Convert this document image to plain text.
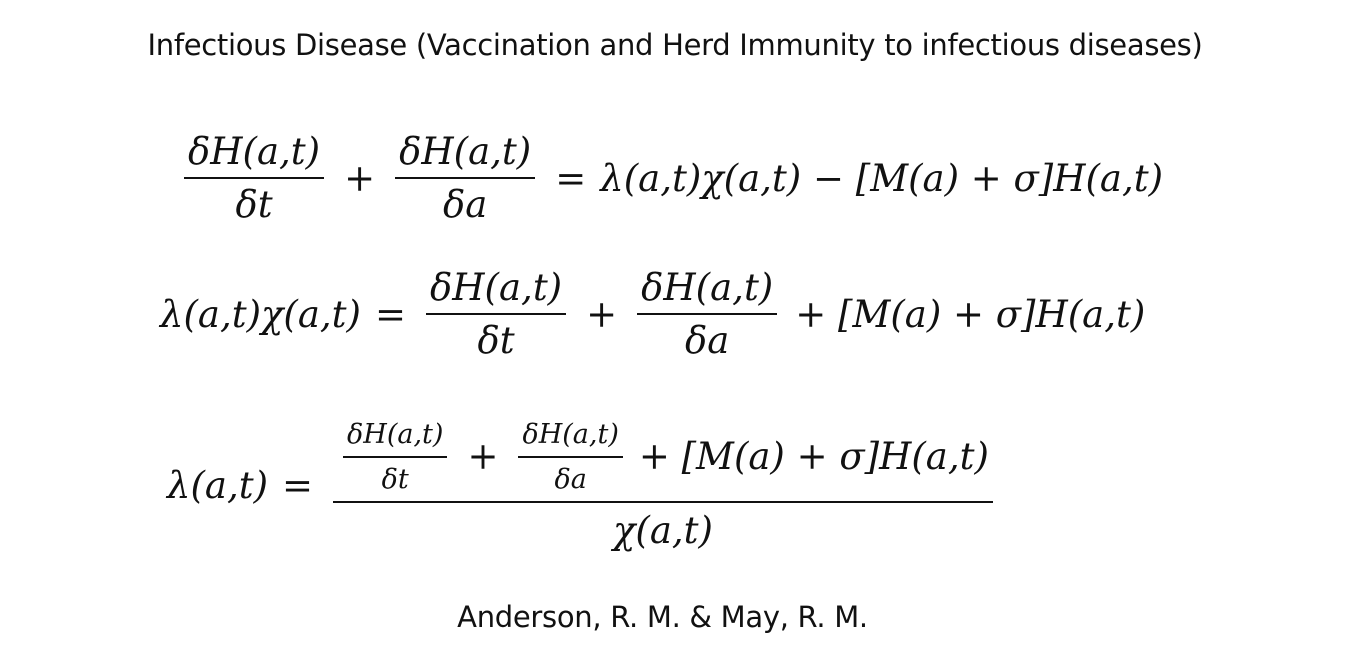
Infectious Disease (Vaccination and Herd Immunity to infectious diseases)
$\frac{\delta H(a,t)}{\delta t} + \frac{\delta H(a,t)}{\delta a} = \lambda(a,t)\chi(a,t) - [M(a) + \sigma]H(a,t)$
$\lambda(a,t)\chi(a,t) = \frac{\delta H(a,t)}{\delta t} + \frac{\delta H(a,t)}{\delta a} + [M(a) + \sigma]H(a,t)$
$\lambda(a,t) = \frac{\delta H(a,t)}{\delta t} + \frac{\delta H(a,t)}{\delta a} + [M(a) + \sigma]H(a,t)$
χ(a,t)
Anderson, R. M. & May, R. M.
